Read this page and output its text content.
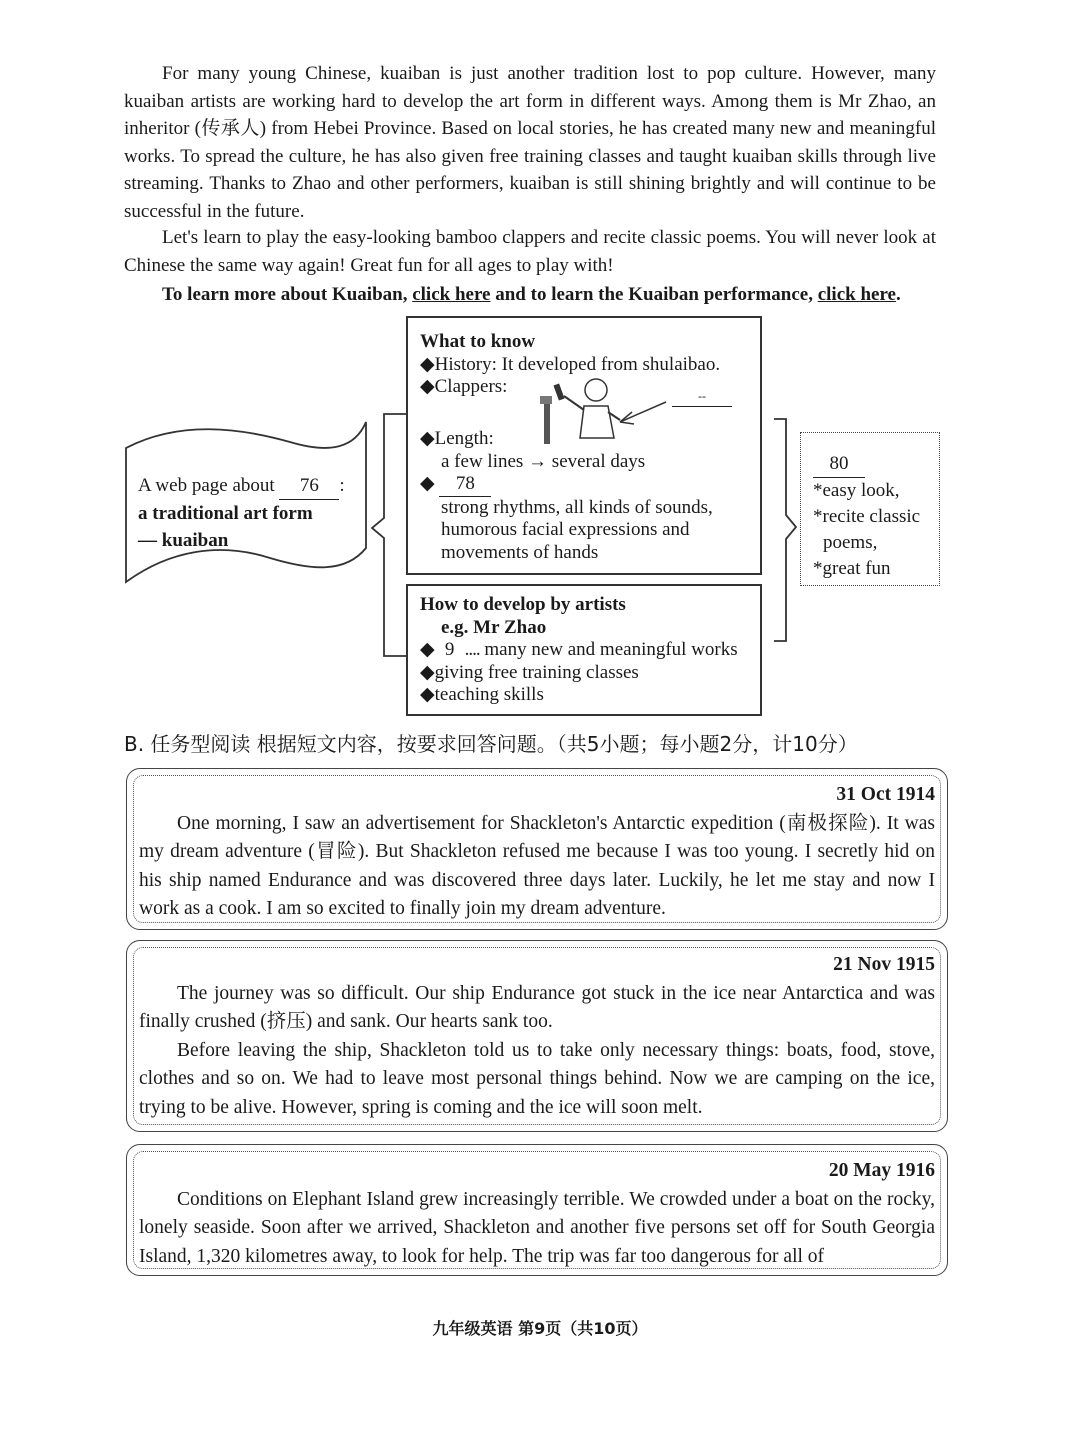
For many young Chinese, kuaiban is just another tradition lost to pop culture. However, many kuaiban artists are working hard to develop the art form in different ways. Among them is Mr Zhao, an inheritor (传承人) from Hebei Province. Based on local stories, he has created many new and meaningful works. To spread the culture, he has also given free training classes and taught kuaiban skills through live streaming. Thanks to Zhao and other performers, kuaiban is still shining brightly and will continue to be successful in the future.
Let's learn to play the easy-looking bamboo clappers and recite classic poems. You will never look at Chinese the same way again! Great fun for all ages to play with!
To learn more about Kuaiban, click here and to learn the Kuaiban performance, click here.
A web page about 76 :
a traditional art form
— kuaiban
What to know
◆History: It developed from shulaibao.
◆Clappers:	--
◆Length:
a few lines → several days
◆ 78
strong rhythms, all kinds of sounds,
humorous facial expressions and
movements of hands
How to develop by artists
e.g. Mr Zhao
◆ 9 .... many new and meaningful works
◆giving free training classes
◆teaching skills
80
*easy look,
*recite classic
poems,
*great fun
B. 任务型阅读 根据短文内容，按要求回答问题。（共5小题；每小题2分，计10分）
31 Oct 1914
One morning, I saw an advertisement for Shackleton's Antarctic expedition (南极探险). It was my dream adventure (冒险). But Shackleton refused me because I was too young. I secretly hid on his ship named Endurance and was discovered three days later. Luckily, he let me stay and now I work as a cook. I am so excited to finally join my dream adventure.
21 Nov 1915
The journey was so difficult. Our ship Endurance got stuck in the ice near Antarctica and was finally crushed (挤压) and sank. Our hearts sank too.
Before leaving the ship, Shackleton told us to take only necessary things: boats, food, stove, clothes and so on. We had to leave most personal things behind. Now we are camping on the ice, trying to be alive. However, spring is coming and the ice will soon melt.
20 May 1916
Conditions on Elephant Island grew increasingly terrible. We crowded under a boat on the rocky, lonely seaside. Soon after we arrived, Shackleton and another five persons set off for South Georgia Island, 1,320 kilometres away, to look for help. The trip was far too dangerous for all of
九年级英语 第9页（共10页）
